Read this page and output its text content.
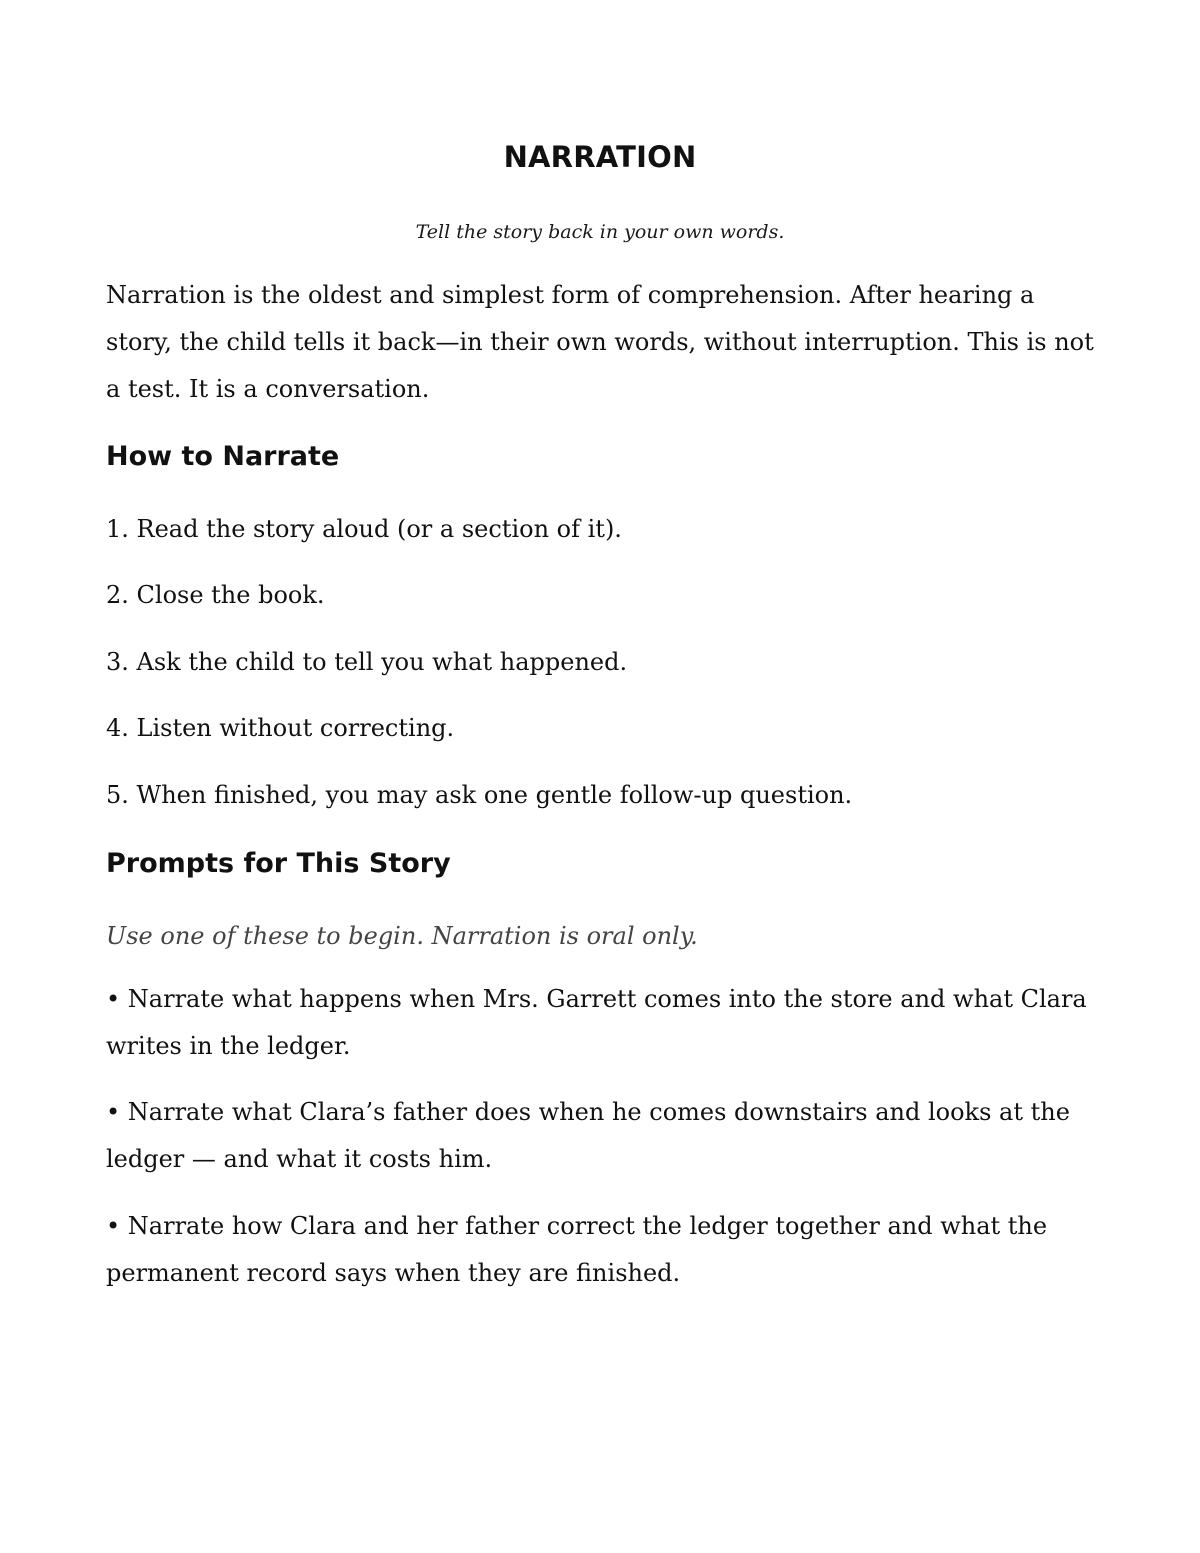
NARRATION

Tell the story back in your own words.

Narration is the oldest and simplest form of comprehension. After hearing a story, the child tells it back—in their own words, without interruption. This is not a test. It is a conversation.

How to Narrate

1. Read the story aloud (or a section of it).

2. Close the book.

3. Ask the child to tell you what happened.

4. Listen without correcting.

5. When finished, you may ask one gentle follow-up question.

Prompts for This Story

Use one of these to begin. Narration is oral only.

• Narrate what happens when Mrs. Garrett comes into the store and what Clara writes in the ledger.

• Narrate what Clara’s father does when he comes downstairs and looks at the ledger — and what it costs him.

• Narrate how Clara and her father correct the ledger together and what the permanent record says when they are finished.
